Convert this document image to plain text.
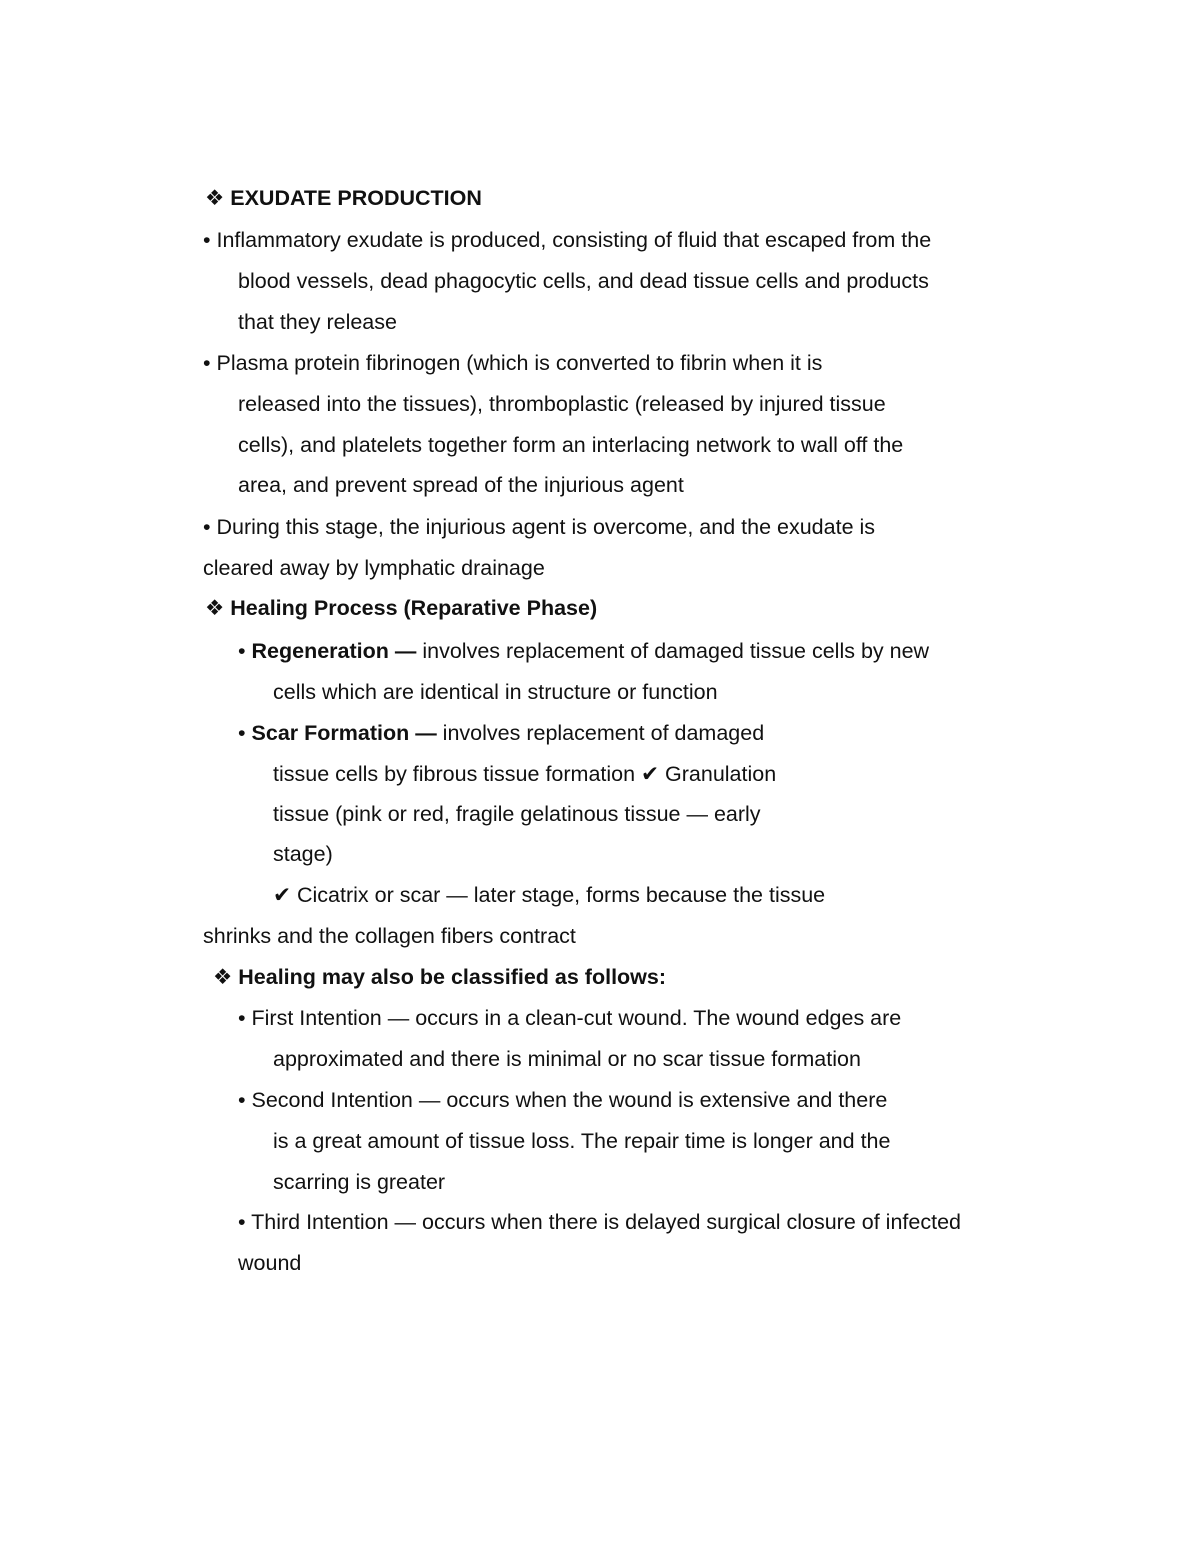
❖ EXUDATE PRODUCTION

• Inflammatory exudate is produced, consisting of fluid that escaped from the

blood vessels, dead phagocytic cells, and dead tissue cells and products

that they release

• Plasma protein fibrinogen (which is converted to fibrin when it is

released into the tissues), thromboplastic (released by injured tissue

cells), and platelets together form an interlacing network to wall off the

area, and prevent spread of the injurious agent

• During this stage, the injurious agent is overcome, and the exudate is

cleared away by lymphatic drainage

❖ Healing Process (Reparative Phase)

• Regeneration — involves replacement of damaged tissue cells by new

cells which are identical in structure or function

• Scar Formation — involves replacement of damaged

tissue cells by fibrous tissue formation ✔ Granulation

tissue (pink or red, fragile gelatinous tissue — early

stage)

✔ Cicatrix or scar — later stage, forms because the tissue

shrinks and the collagen fibers contract

❖ Healing may also be classified as follows:

• First Intention — occurs in a clean-cut wound. The wound edges are

approximated and there is minimal or no scar tissue formation

• Second Intention — occurs when the wound is extensive and there

is a great amount of tissue loss. The repair time is longer and the

scarring is greater

• Third Intention — occurs when there is delayed surgical closure of infected

wound
